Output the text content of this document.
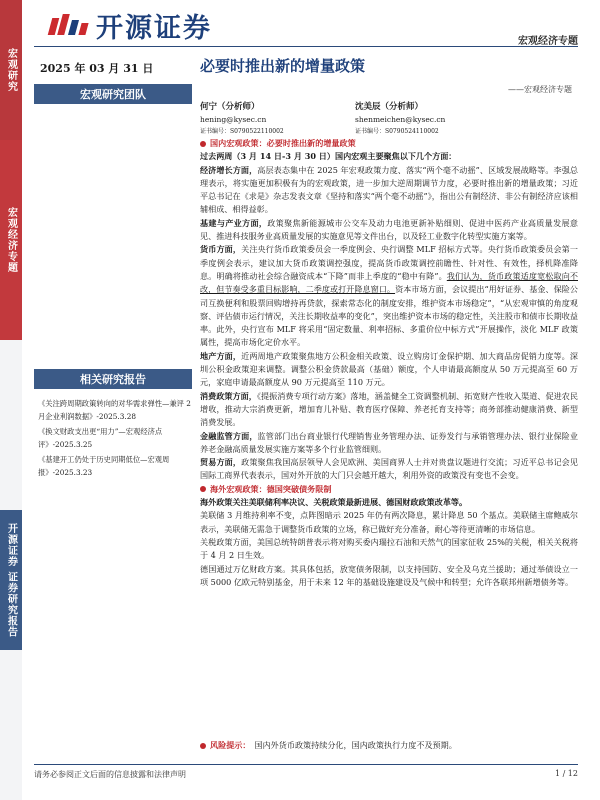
宏观研究
宏观经济专题
开源证券 证券研究报告
开源证券	宏观经济专题
2025 年 03 月 31 日
宏观研究团队
相关研究报告
《关注跨周期政策转向的对华需求弹性—兼评 2 月企业利润数据》-2025.3.28
《换文财政支出更“用力”—宏观经济点评》-2025.3.25
《基建开工仍处于历史同期低位—宏观周报》-2025.3.23
必要时推出新的增量政策
——宏观经济专题
何宁（分析师）
hening@kysec.cn
证书编号：S0790522110002
沈美辰（分析师）
shenmeichen@kysec.cn
证书编号：S0790524110002
国内宏观政策：必要时推出新的增量政策

过去两周（3 月 14 日-3 月 30 日）国内宏观主要聚焦以下几个方面：

经济增长方面，高层表态集中在 2025 年宏观政策力度、落实“两个毫不动摇”、区域发展战略等。李强总理表示，将实施更加积极有为的宏观政策，进一步加大逆周期调节力度，必要时推出新的增量政策；习近平总书记在《求是》杂志发表文章《坚持和落实“两个毫不动摇”》，指出公有制经济、非公有制经济应该相辅相成、相得益彰。

基建与产业方面，政策聚焦新能源城市公交车及动力电池更新补贴细则、促进中医药产业高质量发展意见、推进科技服务业高质量发展的实施意见等文件出台，以及轻工业数字化转型实施方案等。

货币方面，关注央行货币政策委员会一季度例会、央行调整 MLF 招标方式等。央行货币政策委员会第一季度例会表示，建议加大货币政策调控强度，提高货币政策调控前瞻性、针对性、有效性，择机降准降息。明确将推动社会综合融资成本“下降”而非上季度的“稳中有降”。我们认为，货币政策适度宽松取向不改，但节奏受多重目标影响，二季度或打开降息窗口。资本市场方面，会议提出“用好证券、基金、保险公司互换便利和股票回购增持再贷款，探索常态化的制度安排，维护资本市场稳定”，“从宏观审慎的角度观察、评估债市运行情况，关注长期收益率的变化”，突出维护资本市场的稳定性，关注股市和债市长期收益率。此外，央行宣布 MLF 将采用“固定数量、利率招标、多重价位中标方式”开展操作，淡化 MLF 政策属性，提高市场化定价水平。

地产方面，近两周地产政策聚焦地方公积金相关政策、设立购房订金保护期、加大商品房促销力度等。深圳公积金政策迎来调整。调整公积金贷款最高（基础）额度，个人申请最高额度从 50 万元提高至 60 万元，家庭申请最高额度从 90 万元提高至 110 万元。

消费政策方面，《提振消费专项行动方案》落地，涵盖健全工资调整机制、拓宽财产性收入渠道、促进农民增收，推动大宗消费更新，增加育儿补贴、教育医疗保障、养老托育支持等；商务部推动健康消费、新型消费发展。

金融监管方面，监管部门出台商业银行代理销售业务管理办法、证券发行与承销管理办法、银行业保险业养老金融高质量发展实施方案等多个行业监管细则。

贸易方面，政策聚焦我国高层领导人会见欧洲、美国商界人士并对贵盘议题进行交流；习近平总书记会见国际工商界代表表示，国对外开放的大门只会越开越大，利用外资的政策没有变也不会变。

海外宏观政策：德国突破债务限制

海外政策关注美联储利率决议、关税政策最新进展、德国财政政策改革等。

美联储 3 月维持利率不变，点阵图暗示 2025 年仍有两次降息，累计降息 50 个基点。美联储主席鲍威尔表示，美联储无需急于调整货币政策的立场，称已做好充分准备，耐心等待更清晰的市场信息。

关税政策方面，美国总统特朗普表示将对购买委内瑞拉石油和天然气的国家征收 25%的关税，相关关税将于 4 月 2 日生效。

德国通过万亿财政方案。其具体包括，放宽债务限制，以支持国防、安全及乌克兰援助；通过举债设立一项 5000 亿欧元特别基金，用于未来 12 年的基础设施建设及气候中和转型；允许各联邦州新增债务等。

风险提示： 国内外货币政策持续分化，国内政策执行力度不及预期。
请务必参阅正文后面的信息披露和法律声明	1 / 12
